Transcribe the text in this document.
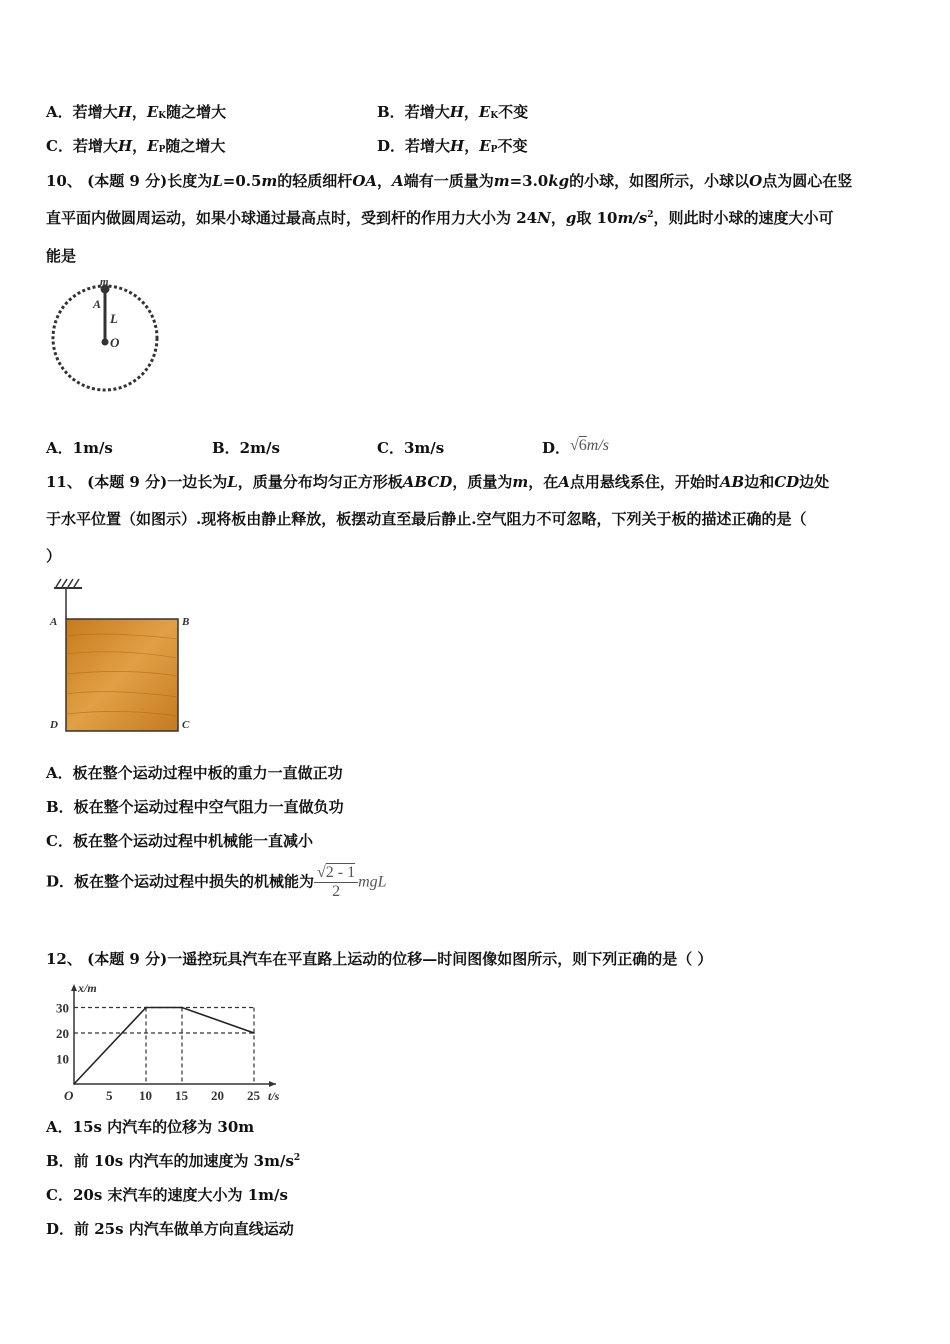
A．若增大H，$E_K$随之增大	B．若增大H，$E_K$不变
C．若增大H，$E_P$随之增大	D．若增大H，$E_P$不变
10、 (本题 9 分)长度为L=0.5m的轻质细杆OA，A端有一质量为m=3.0kg的小球，如图所示，小球以O点为圆心在竖
直平面内做圆周运动，如果小球通过最高点时，受到杆的作用力大小为 24N，g取 $10m/s^2$，则此时小球的速度大小可
能是
m
A
L
O
A．1m/s	B．2m/s	C．3m/s	D．√6m/s
11、 (本题 9 分)一边长为L，质量分布均匀正方形板ABCD，质量为m，在A点用悬线系住，开始时AB边和CD边处
于水平位置（如图示）.现将板由静止释放，板摆动直至最后静止.空气阻力不可忽略，下列关于板的描述正确的是（
）
A	B
D	C
A．板在整个运动过程中板的重力一直做正功
B．板在整个运动过程中空气阻力一直做负功
C．板在整个运动过程中机械能一直减小
D．板在整个运动过程中损失的机械能为 $\frac{√2 - 1}{2}$ mgL
12、 (本题 9 分)一遥控玩具汽车在平直路上运动的位移—时间图像如图所示，则下列正确的是（ ）
x/m
t/s
10
20
30
O	5 10 15 20 25
A．15s 内汽车的位移为 30m
B．前 10s 内汽车的加速度为 $3m/s^2$
C．20s 末汽车的速度大小为 1m/s
D．前 25s 内汽车做单方向直线运动
